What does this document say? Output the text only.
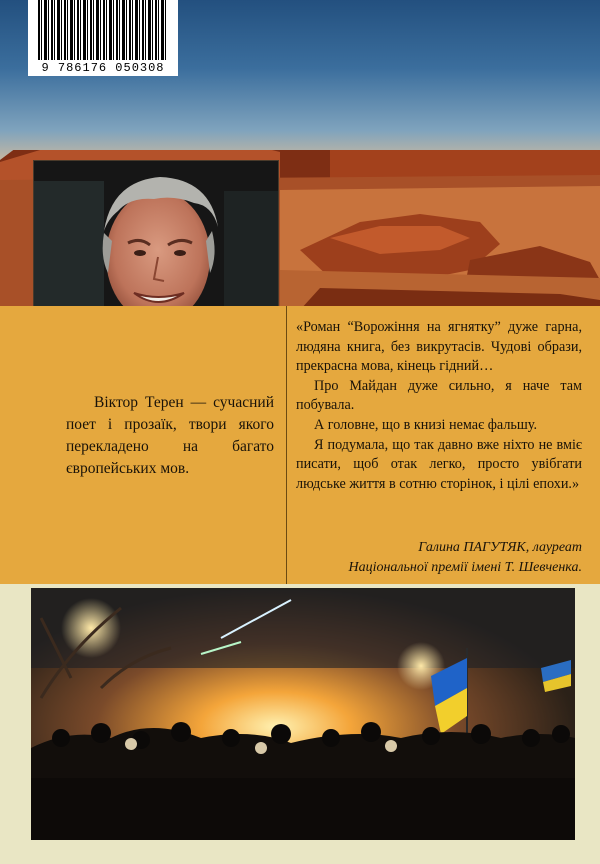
9 786176 050308
Віктор Терен — сучасний поет і прозаїк, твори якого перекладено на багато європейських мов.

«Роман “Ворожіння на ягнятку” дуже гарна, людяна книга, без викрутасів. Чудові образи, прекрасна мова, кінець гідний…

Про Майдан дуже сильно, я наче там побувала.

А головне, що в книзі немає фальшу.

Я подумала, що так давно вже ніхто не вміє писати, щоб отак легко, просто увібгати людське життя в сотню сторінок, і цілі епохи.»

Галина ПАГУТЯК, лауреат
Національної премії імені Т. Шевченка.
